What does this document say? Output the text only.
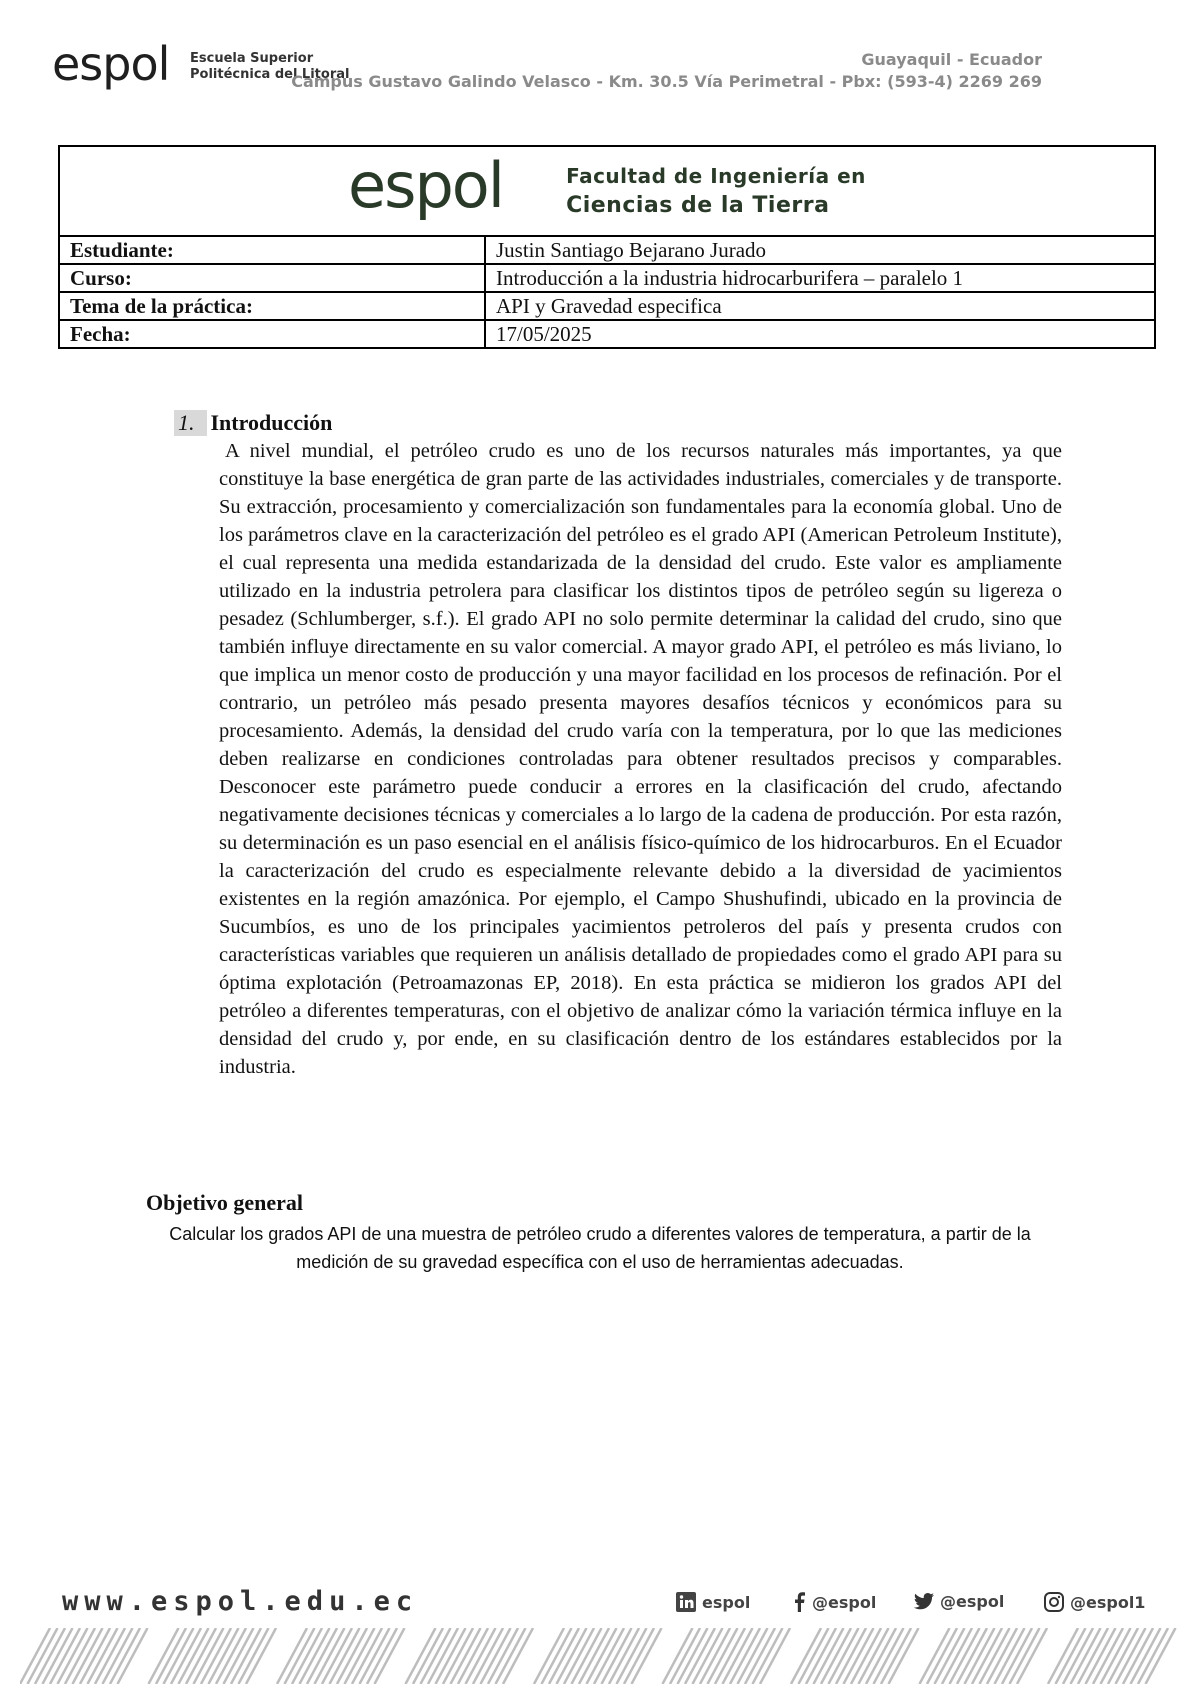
espol Escuela Superior
Politécnica del Litoral
Guayaquil - Ecuador
Campus Gustavo Galindo Velasco - Km. 30.5 Vía Perimetral - Pbx: (593-4) 2269 269
espol Facultad de Ingeniería en
Ciencias de la Tierra	

Estudiante:	Justin Santiago Bejarano Jurado
Curso:	Introducción a la industria hidrocarburifera – paralelo 1
Tema de la práctica:	API y Gravedad especifica
Fecha:	17/05/2025
1. Introducción

A nivel mundial, el petróleo crudo es uno de los recursos naturales más importantes, ya que constituye la base energética de gran parte de las actividades industriales, comerciales y de transporte. Su extracción, procesamiento y comercialización son fundamentales para la economía global. Uno de los parámetros clave en la caracterización del petróleo es el grado API (American Petroleum Institute), el cual representa una medida estandarizada de la densidad del crudo. Este valor es ampliamente utilizado en la industria petrolera para clasificar los distintos tipos de petróleo según su ligereza o pesadez (Schlumberger, s.f.). El grado API no solo permite determinar la calidad del crudo, sino que también influye directamente en su valor comercial. A mayor grado API, el petróleo es más liviano, lo que implica un menor costo de producción y una mayor facilidad en los procesos de refinación. Por el contrario, un petróleo más pesado presenta mayores desafíos técnicos y económicos para su procesamiento. Además, la densidad del crudo varía con la temperatura, por lo que las mediciones deben realizarse en condiciones controladas para obtener resultados precisos y comparables. Desconocer este parámetro puede conducir a errores en la clasificación del crudo, afectando negativamente decisiones técnicas y comerciales a lo largo de la cadena de producción. Por esta razón, su determinación es un paso esencial en el análisis físico-químico de los hidrocarburos. En el Ecuador la caracterización del crudo es especialmente relevante debido a la diversidad de yacimientos existentes en la región amazónica. Por ejemplo, el Campo Shushufindi, ubicado en la provincia de Sucumbíos, es uno de los principales yacimientos petroleros del país y presenta crudos con características variables que requieren un análisis detallado de propiedades como el grado API para su óptima explotación (Petroamazonas EP, 2018). En esta práctica se midieron los grados API del petróleo a diferentes temperaturas, con el objetivo de analizar cómo la variación térmica influye en la densidad del crudo y, por ende, en su clasificación dentro de los estándares establecidos por la industria.

Objetivo general

Calcular los grados API de una muestra de petróleo crudo a diferentes valores de temperatura, a partir de la medición de su gravedad específica con el uso de herramientas adecuadas.

www.espol.edu.ec	espol	@espol	@espol	@espol1
